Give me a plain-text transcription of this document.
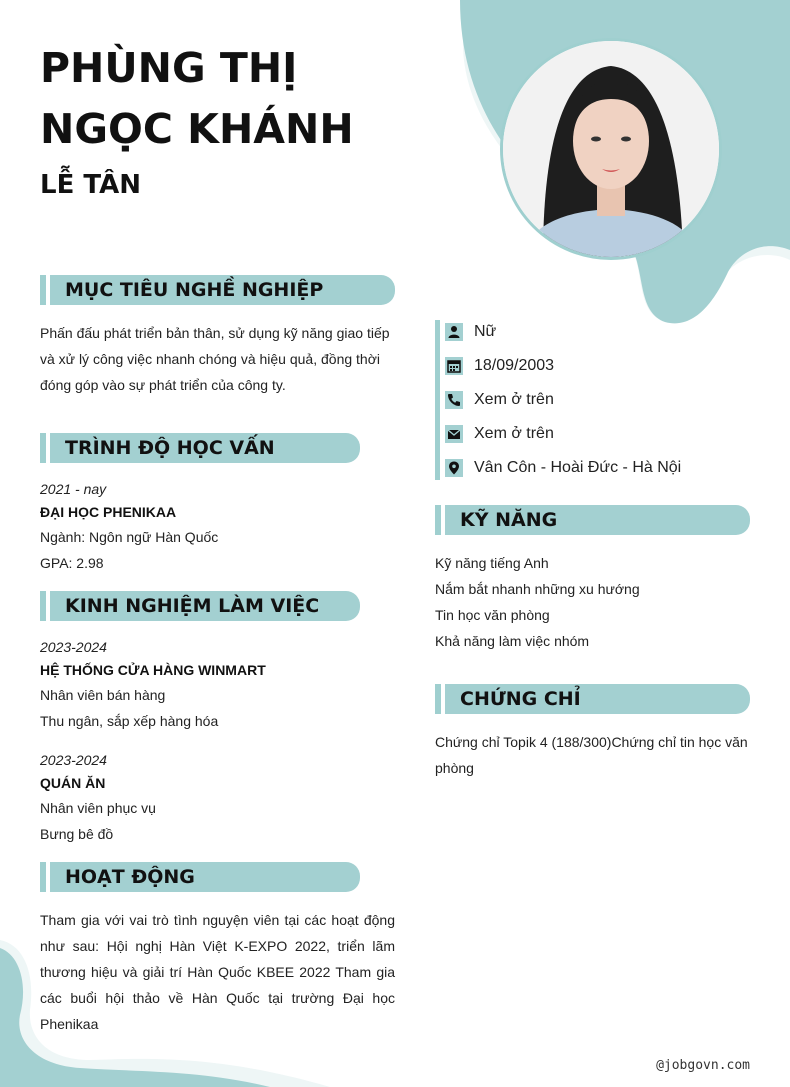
PHÙNG THỊ
NGỌC KHÁNH
LỄ TÂN
MỤC TIÊU NGHỀ NGHIỆP

Phấn đấu phát triển bản thân, sử dụng kỹ năng giao tiếp và xử lý công việc nhanh chóng và hiệu quả, đồng thời đóng góp vào sự phát triển của công ty.

TRÌNH ĐỘ HỌC VẤN
2021 - nay
ĐẠI HỌC PHENIKAA
Ngành: Ngôn ngữ Hàn Quốc
GPA: 2.98
KINH NGHIỆM LÀM VIỆC
2023-2024
HỆ THỐNG CỬA HÀNG WINMART
Nhân viên bán hàng
Thu ngân, sắp xếp hàng hóa
2023-2024
QUÁN ĂN
Nhân viên phục vụ
Bưng bê đồ
HOẠT ĐỘNG

Tham gia với vai trò tình nguyện viên tại các hoạt động như sau: Hội nghị Hàn Việt K-EXPO 2022, triển lãm thương hiệu và giải trí Hàn Quốc KBEE 2022 Tham gia các buổi hội thảo về Hàn Quốc tại trường Đại học Phenikaa

Nữ
18/09/2003
Xem ở trên
Xem ở trên
Vân Côn - Hoài Đức - Hà Nội
KỸ NĂNG
Kỹ năng tiếng Anh
Nắm bắt nhanh những xu hướng
Tin học văn phòng
Khả năng làm việc nhóm
CHỨNG CHỈ

Chứng chỉ Topik 4 (188/300)Chứng chỉ tin học văn phòng

@jobgovn.com
